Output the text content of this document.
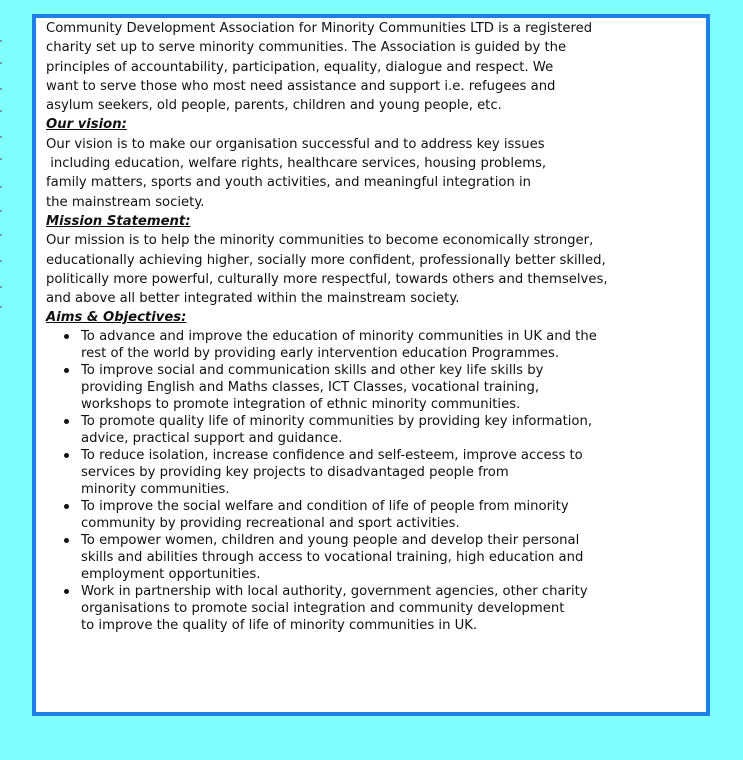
Community Development Association for Minority Communities LTD is a registered
charity set up to serve minority communities. The Association is guided by the
principles of accountability, participation, equality, dialogue and respect. We
want to serve those who most need assistance and support i.e. refugees and
asylum seekers, old people, parents, children and young people, etc.

Our vision:

Our vision is to make our organisation successful and to address key issues
including education, welfare rights, healthcare services, housing problems,
family matters, sports and youth activities, and meaningful integration in
the mainstream society.

Mission Statement:

Our mission is to help the minority communities to become economically stronger,
educationally achieving higher, socially more confident, professionally better skilled,
politically more powerful, culturally more respectful, towards others and themselves,
and above all better integrated within the mainstream society.

Aims & Objectives:
To advance and improve the education of minority communities in UK and the
rest of the world by providing early intervention education Programmes.
To improve social and communication skills and other key life skills by
providing English and Maths classes, ICT Classes, vocational training,
workshops to promote integration of ethnic minority communities.
To promote quality life of minority communities by providing key information,
advice, practical support and guidance.
To reduce isolation, increase confidence and self-esteem, improve access to
services by providing key projects to disadvantaged people from
minority communities.
To improve the social welfare and condition of life of people from minority
community by providing recreational and sport activities.
To empower women, children and young people and develop their personal
skills and abilities through access to vocational training, high education and
employment opportunities.
Work in partnership with local authority, government agencies, other charity
organisations to promote social integration and community development
to improve the quality of life of minority communities in UK.
